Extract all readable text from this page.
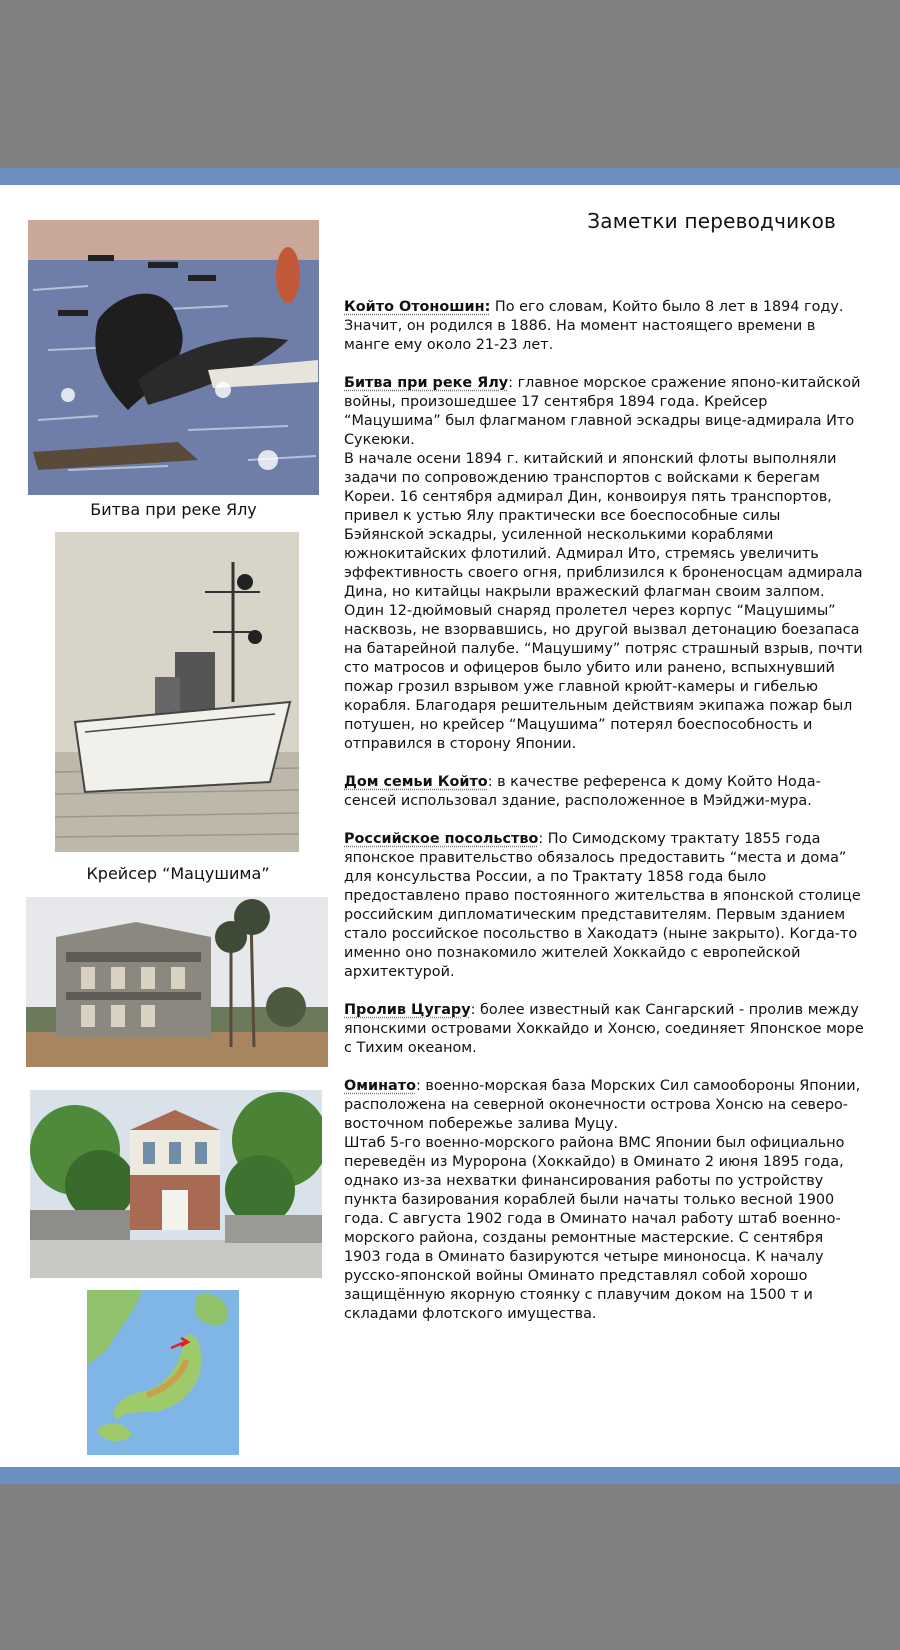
Заметки переводчиков
Битва при реке Ялу
Крейсер “Мацушима”

Който Отоношин: По его словам, Който было 8 лет в 1894 году. Значит, он родился в 1886. На момент настоящего времени в манге ему около 21-23 лет.

Битва при реке Ялу: главное морское сражение японо-китайской войны, произошедшее 17 сентября 1894 года. Крейсер “Мацушима” был флагманом главной эскадры вице-адмирала Ито Сукеюки.

В начале осени 1894 г. китайский и японский флоты выполняли задачи по сопровождению транспортов с войсками к берегам Кореи. 16 сентября адмирал Дин, конвоируя пять транспортов, привел к устью Ялу практически все боеспособные силы Бэйянской эскадры, усиленной несколькими кораблями южнокитайских флотилий. Адмирал Ито, стремясь увеличить эффективность своего огня, приблизился к броненосцам адмирала Дина, но китайцы накрыли вражеский флагман своим залпом. Один 12-дюймовый снаряд пролетел через корпус “Мацушимы” насквозь, не взорвавшись, но другой вызвал детонацию боезапаса на батарейной палубе. “Мацушиму” потряс страшный взрыв, почти сто матросов и офицеров было убито или ранено, вспыхнувший пожар грозил взрывом уже главной крюйт-камеры и гибелью корабля. Благодаря решительным действиям экипажа пожар был потушен, но крейсер “Мацушима” потерял боеспособность и отправился в сторону Японии.

Дом семьи Който: в качестве референса к дому Който Нода-сенсей использовал здание, расположенное в Мэйджи-мура.

Российское посольство: По Симодскому трактату 1855 года японское правительство обязалось предоставить “места и дома” для консульства России, а по Трактату 1858 года было предоставлено право постоянного жительства в японской столице российским дипломатическим представителям. Первым зданием стало российское посольство в Хакодатэ (ныне закрыто). Когда-то именно оно познакомило жителей Хоккайдо с европейской архитектурой.

Пролив Цугару: более известный как Сангарский - пролив между японскими островами Хоккайдо и Хонсю, соединяет Японское море с Тихим океаном.

Оминато: военно-морская база Морских Сил самообороны Японии, расположена на северной оконечности острова Хонсю на северо-восточном побережье залива Муцу.

Штаб 5-го военно-морского района ВМС Японии был официально переведён из Муророна (Хоккайдо) в Оминато 2 июня 1895 года, однако из-за нехватки финансирования работы по устройству пункта базирования кораблей были начаты только весной 1900 года. С августа 1902 года в Оминато начал работу штаб военно-морского района, созданы ремонтные мастерские. С сентября 1903 года в Оминато базируются четыре миноносца. К началу русско-японской войны Оминато представлял собой хорошо защищённую якорную стоянку с плавучим доком на 1500 т и складами флотского имущества.
